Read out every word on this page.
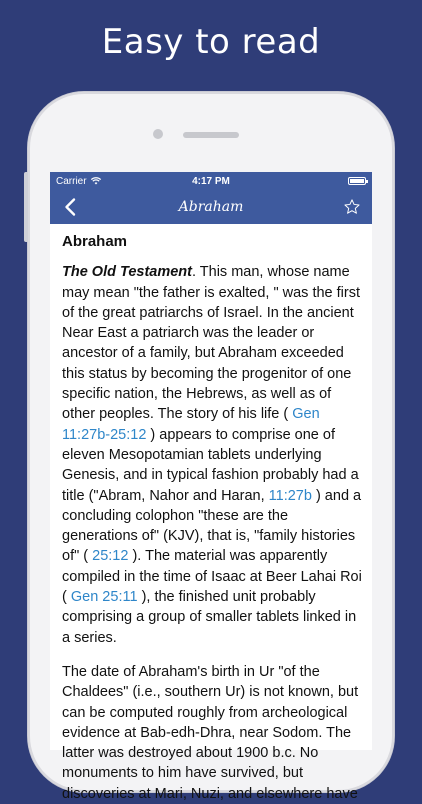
Easy to read
Carrier	4:17 PM
Abraham
Abraham

The Old Testament. This man, whose name may mean "the father is exalted, " was the first of the great patriarchs of Israel. In the ancient Near East a patriarch was the leader or ancestor of a family, but Abraham exceeded this status by becoming the progenitor of one specific nation, the Hebrews, as well as of other peoples. The story of his life ( Gen 11:27b-25:12 ) appears to comprise one of eleven Mesopotamian tablets underlying Genesis, and in typical fashion probably had a title ("Abram, Nahor and Haran, 11:27b ) and a concluding colophon "these are the generations of" (KJV), that is, "family histories of" ( 25:12 ). The material was apparently compiled in the time of Isaac at Beer Lahai Roi ( Gen 25:11 ), the finished unit probably comprising a group of smaller tablets linked in a series.

The date of Abraham's birth in Ur "of the Chaldees" (i.e., southern Ur) is not known, but can be computed roughly from archeological evidence at Bab-edh-Dhra, near Sodom. The latter was destroyed about 1900 b.c. No monuments to him have survived, but discoveries at Mari, Nuzi, and elsewhere have
